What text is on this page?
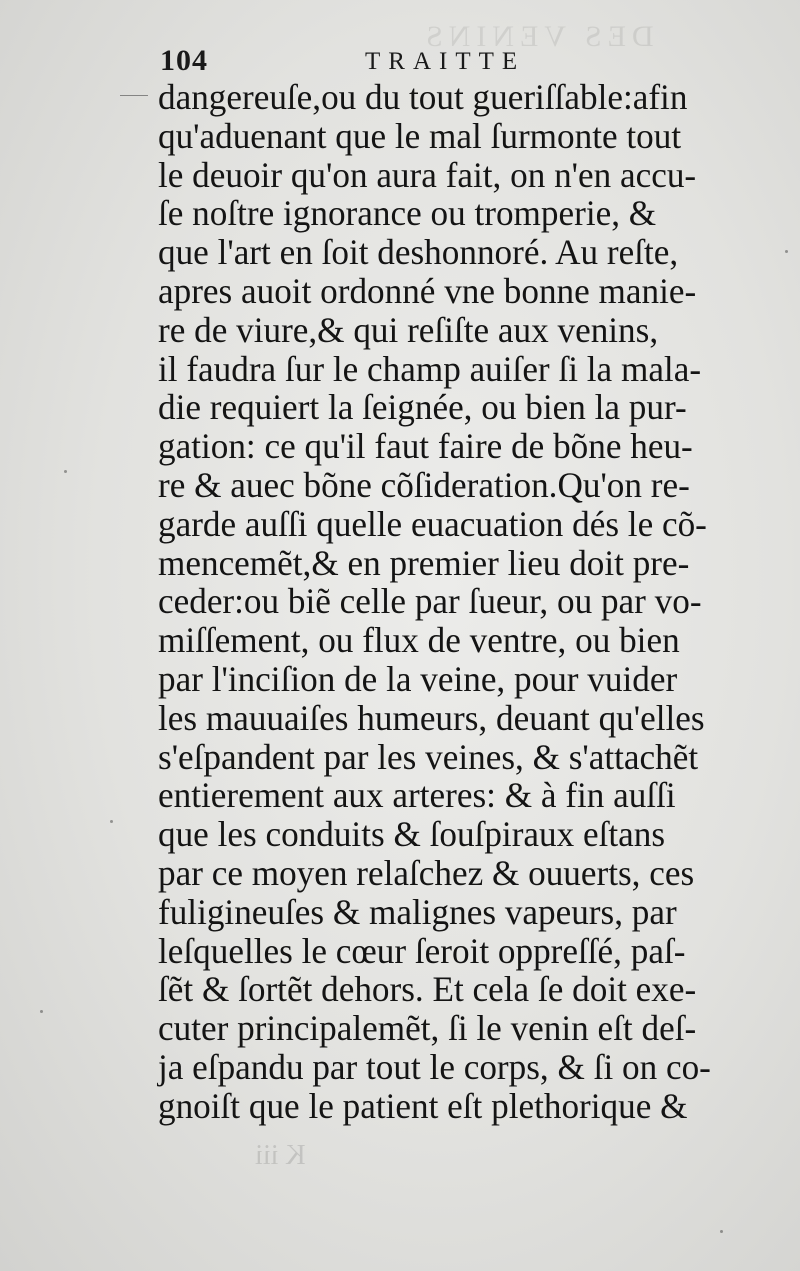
DES VENINS
K iii
104	TRAITTE
dangereuſe,ou du tout gueriſſable:afin
qu'aduenant que le mal ſurmonte tout
le deuoir qu'on aura fait, on n'en accu-
ſe noſtre ignorance ou tromperie, &
que l'art en ſoit deshonnoré. Au reſte,
apres auoit ordonné vne bonne manie-
re de viure,& qui reſiſte aux venins,
il faudra ſur le champ auiſer ſi la mala-
die requiert la ſeignée, ou bien la pur-
gation: ce qu'il faut faire de bõne heu-
re & auec bõne cõſideration.Qu'on re-
garde auſſi quelle euacuation dés le cõ-
mencemẽt,& en premier lieu doit pre-
ceder:ou biẽ celle par ſueur, ou par vo-
miſſement, ou flux de ventre, ou bien
par l'inciſion de la veine, pour vuider
les mauuaiſes humeurs, deuant qu'elles
s'eſpandent par les veines, & s'attachẽt
entierement aux arteres: & à fin auſſi
que les conduits & ſouſpiraux eſtans
par ce moyen relaſchez & ouuerts, ces
fuligineuſes & malignes vapeurs, par
leſquelles le cœur ſeroit oppreſſé, paſ-
ſẽt & ſortẽt dehors. Et cela ſe doit exe-
cuter principalemẽt, ſi le venin eſt deſ-
ja eſpandu par tout le corps, & ſi on co-
gnoiſt que le patient eſt plethorique &
